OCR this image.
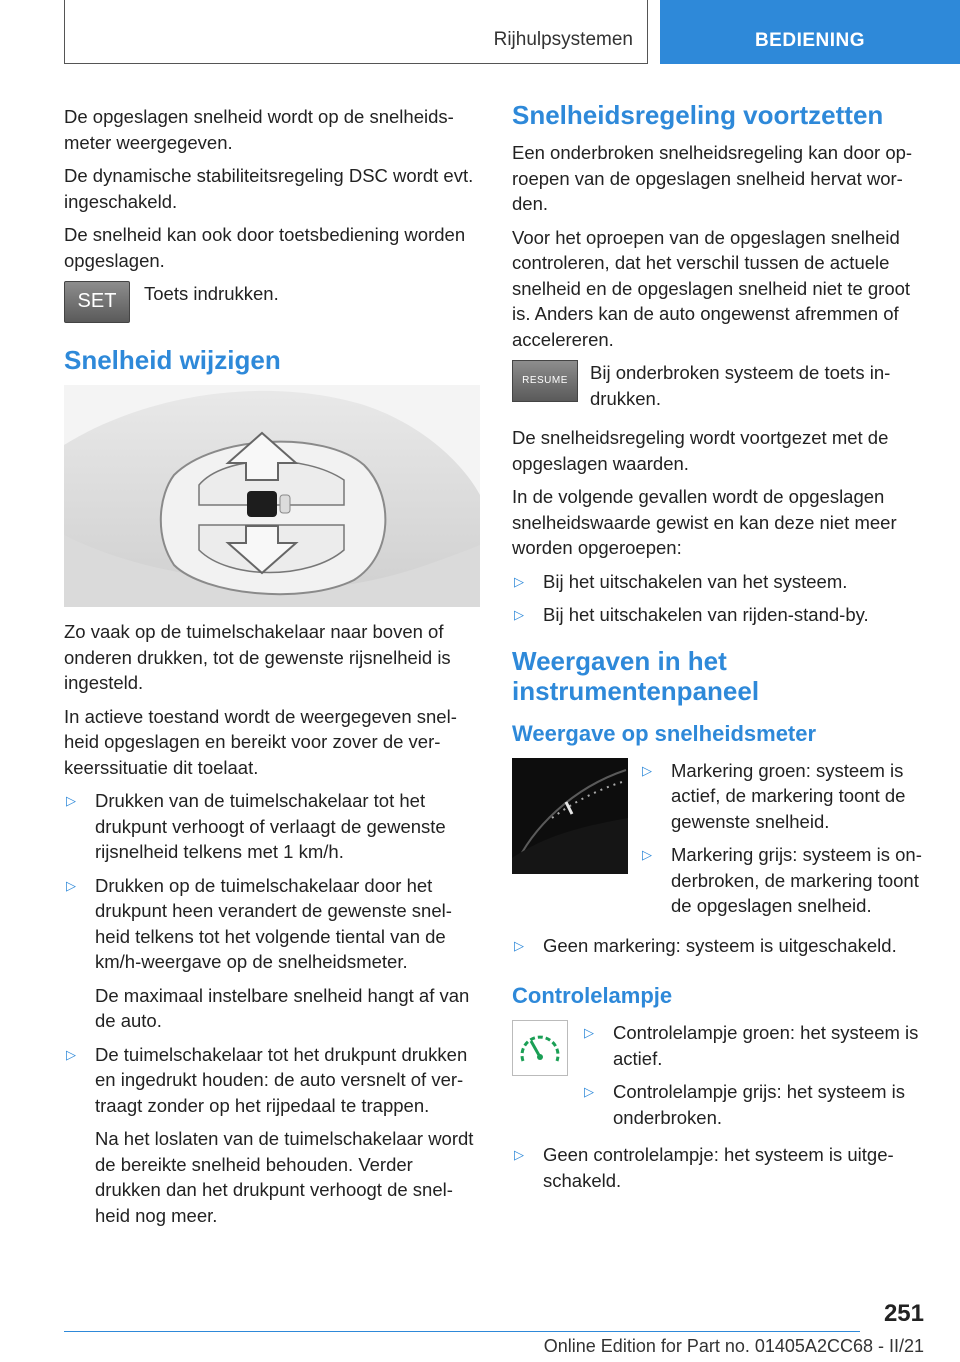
Rijhulpsystemen	BEDIENING

De opgeslagen snelheid wordt op de snelheidsmeter weergegeven.

De dynamische stabiliteitsregeling DSC wordt evt. ingeschakeld.

De snelheid kan ook door toetsbediening worden opgeslagen.

SET	Toets indrukken.
Snelheid wijzigen

Zo vaak op de tuimelschakelaar naar boven of onderen drukken, tot de gewenste rijsnelheid is ingesteld.

In actieve toestand wordt de weergegeven snelheid opgeslagen en bereikt voor zover de verkeerssituatie dit toelaat.

▷	Drukken van de tuimelschakelaar tot het drukpunt verhoogt of verlaagt de gewenste rijsnelheid telkens met 1 km/h.
▷	Drukken op de tuimelschakelaar door het drukpunt heen verandert de gewenste snelheid telkens tot het volgende tiental van de km/h-weergave op de snelheidsmeter.
De maximaal instelbare snelheid hangt af van de auto.
▷	De tuimelschakelaar tot het drukpunt drukken en ingedrukt houden: de auto versnelt of vertraagt zonder op het rijpedaal te trappen.
Na het loslaten van de tuimelschakelaar wordt de bereikte snelheid behouden. Verder drukken dan het drukpunt verhoogt de snelheid nog meer.
Snelheidsregeling voortzetten

Een onderbroken snelheidsregeling kan door oproepen van de opgeslagen snelheid hervat worden.

Voor het oproepen van de opgeslagen snelheid controleren, dat het verschil tussen de actuele snelheid en de opgeslagen snelheid niet te groot is. Anders kan de auto ongewenst afremmen of accelereren.

RESUME	Bij onderbroken systeem de toets indrukken.

De snelheidsregeling wordt voortgezet met de opgeslagen waarden.

In de volgende gevallen wordt de opgeslagen snelheidswaarde gewist en kan deze niet meer worden opgeroepen:

▷	Bij het uitschakelen van het systeem.
▷	Bij het uitschakelen van rijden-stand-by.
Weergaven in het instrumentenpaneel
Weergave op snelheidsmeter
▷	Markering groen: systeem is actief, de markering toont de gewenste snelheid.
▷	Markering grijs: systeem is onderbroken, de markering toont de opgeslagen snelheid.
▷	Geen markering: systeem is uitgeschakeld.
Controlelampje
▷	Controlelampje groen: het systeem is actief.
▷	Controlelampje grijs: het systeem is onderbroken.
▷	Geen controlelampje: het systeem is uitgeschakeld.
251
Online Edition for Part no. 01405A2CC68 - II/21
